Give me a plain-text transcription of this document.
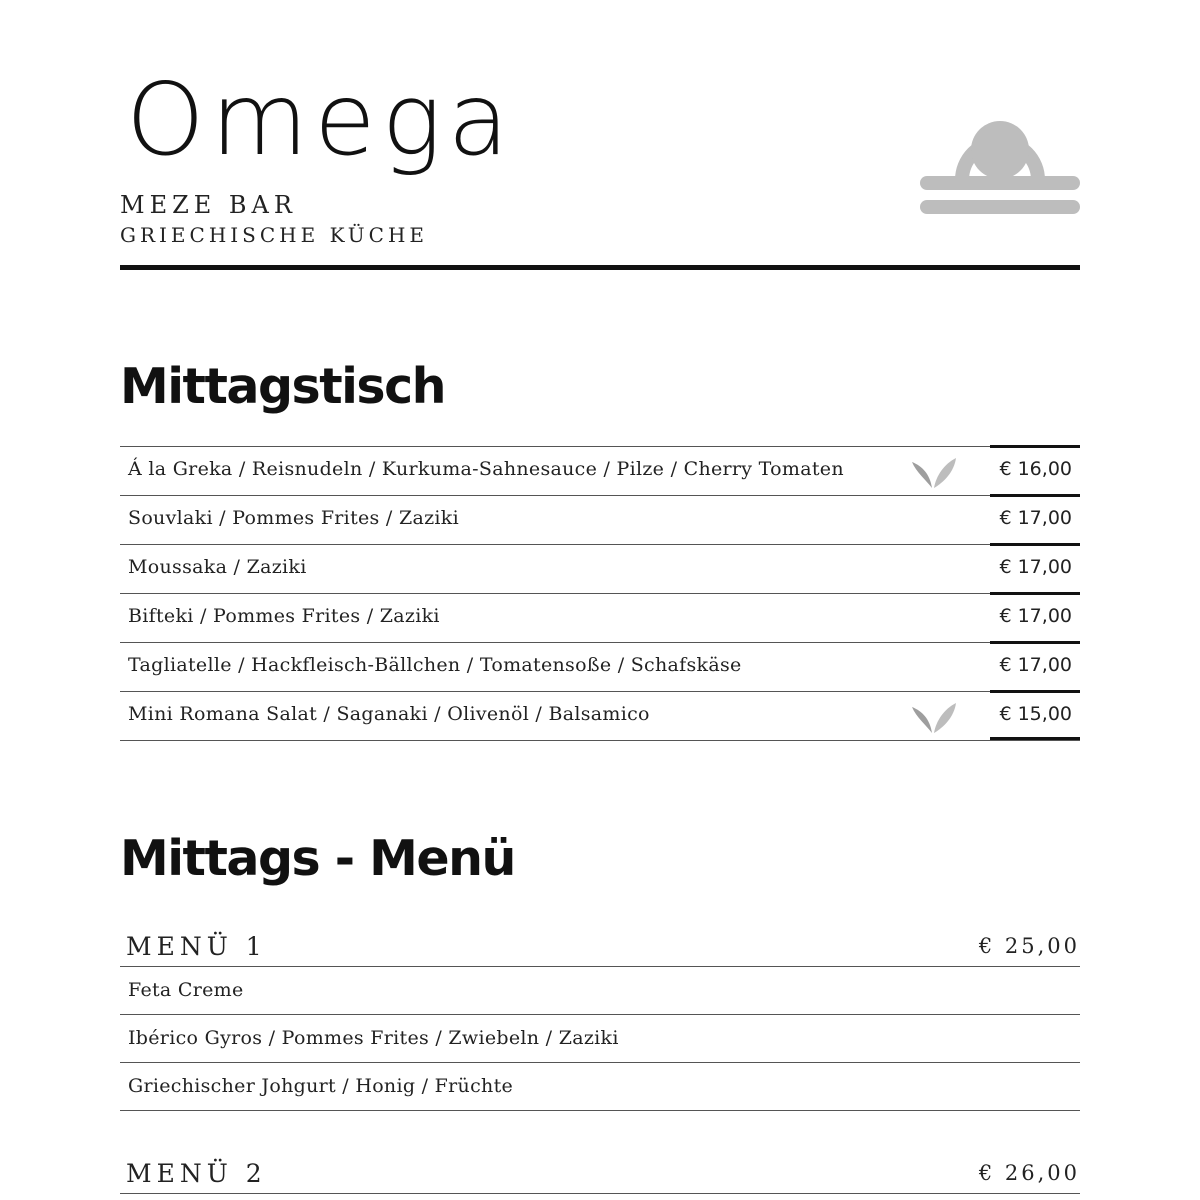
Omega
MEZE BAR
GRIECHISCHE KÜCHE
Mittagstisch
Á la Greka / Reisnudeln / Kurkuma-Sahnesauce / Pilze / Cherry Tomaten	€ 16,00
Souvlaki / Pommes Frites / Zaziki	€ 17,00
Moussaka / Zaziki	€ 17,00
Bifteki / Pommes Frites / Zaziki	€ 17,00
Tagliatelle / Hackfleisch-Bällchen / Tomatensoße / Schafskäse	€ 17,00
Mini Romana Salat / Saganaki / Olivenöl / Balsamico	€ 15,00
Mittags - Menü
MENÜ 1	€ 25,00
Feta Creme
Ibérico Gyros / Pommes Frites / Zwiebeln / Zaziki
Griechischer Johgurt / Honig / Früchte
MENÜ 2	€ 26,00
